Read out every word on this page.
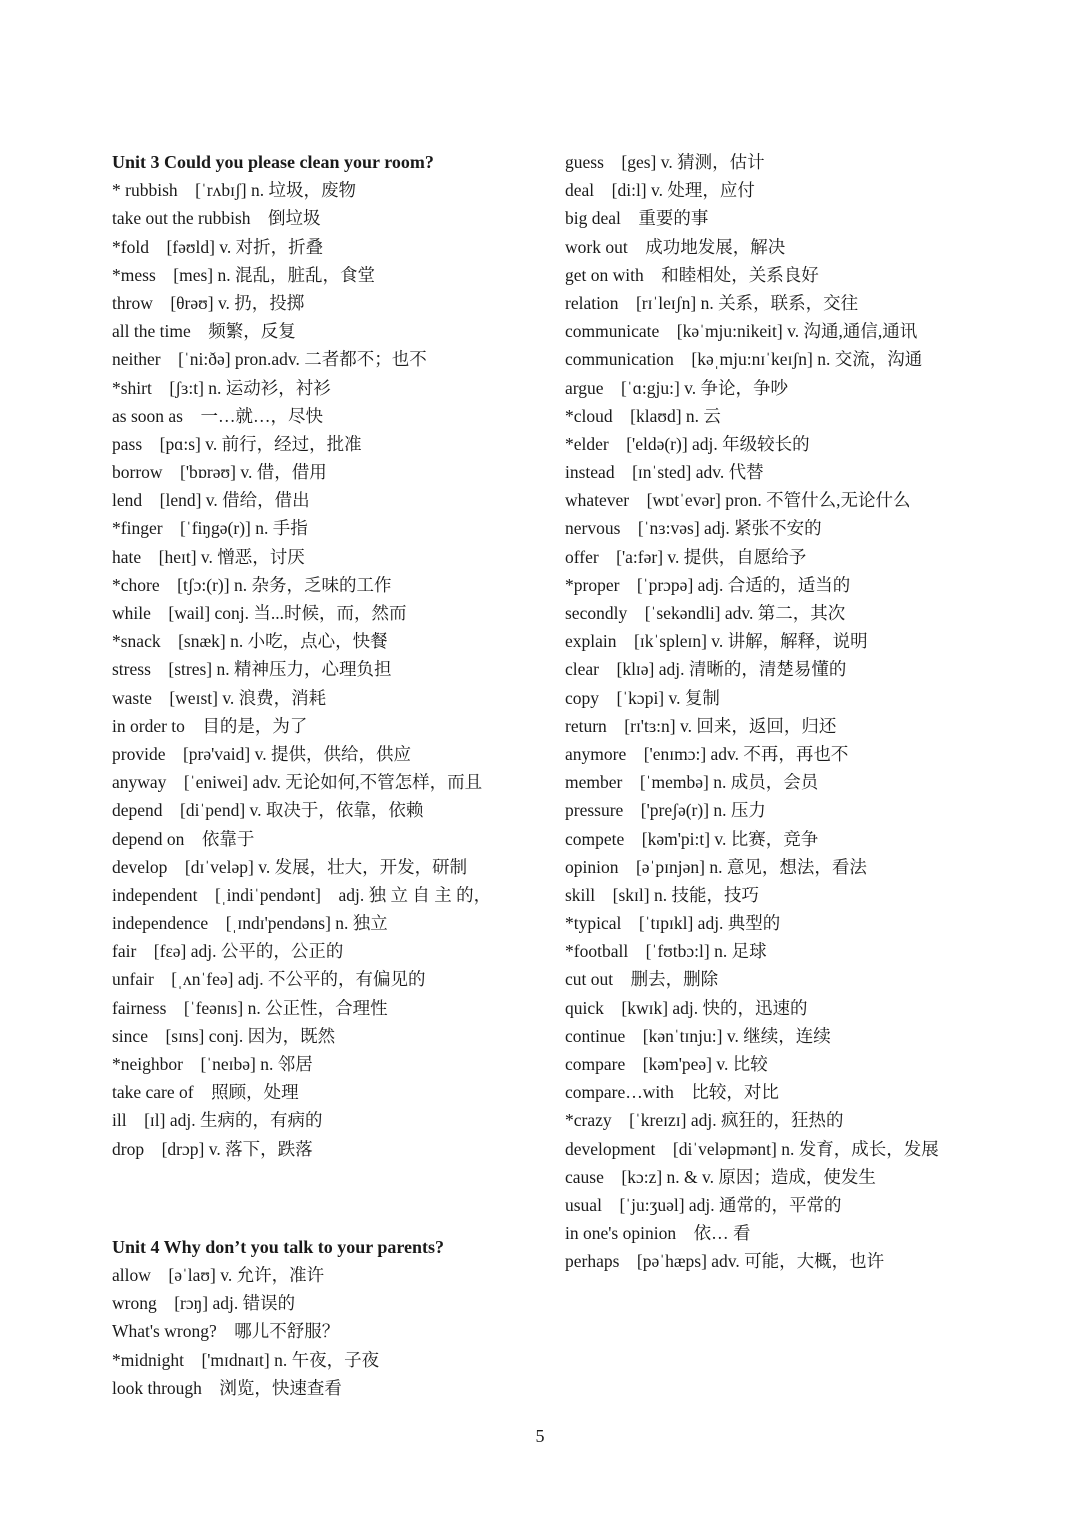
Unit 3 Could you please clean your room?
* rubbish　[ˈrʌbɪʃ] n. 垃圾，废物
take out the rubbish　倒垃圾
*fold　[fəʊld] v. 对折，折叠
*mess　[mes] n. 混乱，脏乱，食堂
throw　[θrəʊ] v. 扔，投掷
all the time　频繁，反复
neither　[ˈni:ðə] pron.adv. 二者都不；也不
*shirt　[ʃɜ:t] n. 运动衫，衬衫
as soon as　一…就…，尽快
pass　[pɑ:s] v. 前行，经过，批准
borrow　['bɒrəʊ] v. 借，借用
lend　[lend] v. 借给，借出
*finger　[ˈfiŋgə(r)] n. 手指
hate　[heɪt] v. 憎恶，讨厌
*chore　[tʃɔ:(r)] n. 杂务，乏味的工作
while　[wail] conj. 当...时候，而，然而
*snack　[snæk] n. 小吃，点心，快餐
stress　[stres] n. 精神压力，心理负担
waste　[weɪst] v. 浪费，消耗
in order to　目的是，为了
provide　[prə'vaid] v. 提供，供给，供应
anyway　[ˈeniwei] adv. 无论如何,不管怎样，而且
depend　[diˈpend] v. 取决于，依靠，依赖
depend on　依靠于
develop　[dɪˈveləp] v. 发展，壮大，开发，研制
independent　[ˌindiˈpendənt]　adj. 独 立 自 主 的，
independence　[ˌɪndɪ'pendəns] n. 独立
fair　[fɛə] adj. 公平的，公正的
unfair　[ˌʌnˈfeə] adj. 不公平的，有偏见的
fairness　[ˈfeənɪs] n. 公正性，合理性
since　[sɪns] conj. 因为，既然
*neighbor　[ˈneɪbə] n. 邻居
take care of　照顾，处理
ill　[ɪl] adj. 生病的，有病的
drop　[drɔp] v. 落下，跌落
Unit 4 Why don’t you talk to your parents?
allow　[əˈlaʊ] v. 允许，准许
wrong　[rɔŋ] adj. 错误的
What's wrong?　哪儿不舒服？
*midnight　['mɪdnaɪt] n. 午夜，子夜
look through　浏览，快速查看
guess　[ges] v. 猜测，估计
deal　[di:l] v. 处理，应付
big deal　重要的事
work out　成功地发展，解决
get on with　和睦相处，关系良好
relation　[rɪˈleɪʃn] n. 关系，联系，交往
communicate　[kəˈmju:nikeit] v. 沟通,通信,通讯
communication　[kəˌmju:nɪˈkeɪʃn] n. 交流，沟通
argue　[ˈɑ:gju:] v. 争论，争吵
*cloud　[klaʊd] n. 云
*elder　['eldə(r)] adj. 年级较长的
instead　[ɪnˈsted] adv. 代替
whatever　[wɒtˈevər] pron. 不管什么,无论什么
nervous　[ˈnɜ:vəs] adj. 紧张不安的
offer　['a:fər] v. 提供，自愿给予
*proper　[ˈprɔpə] adj. 合适的，适当的
secondly　[ˈsekəndli] adv. 第二，其次
explain　[ɪkˈspleɪn] v. 讲解，解释，说明
clear　[klɪə] adj. 清晰的，清楚易懂的
copy　[ˈkɔpi] v. 复制
return　[rɪ'tɜ:n] v. 回来，返回，归还
anymore　['enɪmɔ:] adv. 不再，再也不
member　[ˈmembə] n. 成员，会员
pressure　['preʃə(r)] n. 压力
compete　[kəm'pi:t] v. 比赛，竞争
opinion　[əˈpɪnjən] n. 意见，想法，看法
skill　[skɪl] n. 技能，技巧
*typical　[ˈtɪpɪkl] adj. 典型的
*football　[ˈfʊtbɔ:l] n. 足球
cut out　删去，删除
quick　[kwɪk] adj. 快的，迅速的
continue　[kənˈtɪnju:] v. 继续，连续
compare　[kəm'peə] v. 比较
compare…with　比较，对比
*crazy　[ˈkreɪzɪ] adj. 疯狂的，狂热的
development　[diˈveləpmənt] n. 发育，成长，发展
cause　[kɔ:z] n. & v. 原因；造成，使发生
usual　[ˈju:ʒuəl] adj. 通常的，平常的
in one's opinion　依… 看
perhaps　[pəˈhæps] adv. 可能，大概，也许
5
